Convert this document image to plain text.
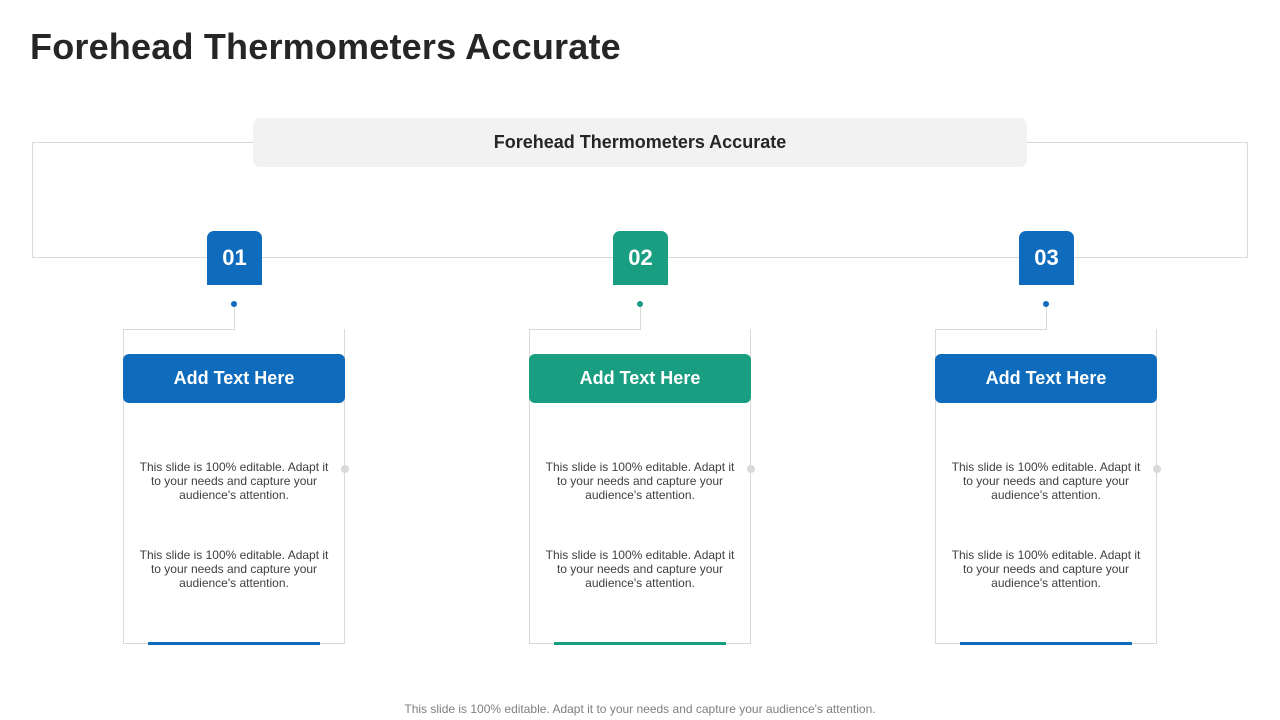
Forehead Thermometers Accurate
Forehead Thermometers Accurate
01
Add Text Here
This slide is 100% editable. Adapt it to your needs and capture your audience's attention.
This slide is 100% editable. Adapt it to your needs and capture your audience's attention.
02
Add Text Here
This slide is 100% editable. Adapt it to your needs and capture your audience's attention.
This slide is 100% editable. Adapt it to your needs and capture your audience's attention.
03
Add Text Here
This slide is 100% editable. Adapt it to your needs and capture your audience's attention.
This slide is 100% editable. Adapt it to your needs and capture your audience's attention.
This slide is 100% editable. Adapt it to your needs and capture your audience's attention.
